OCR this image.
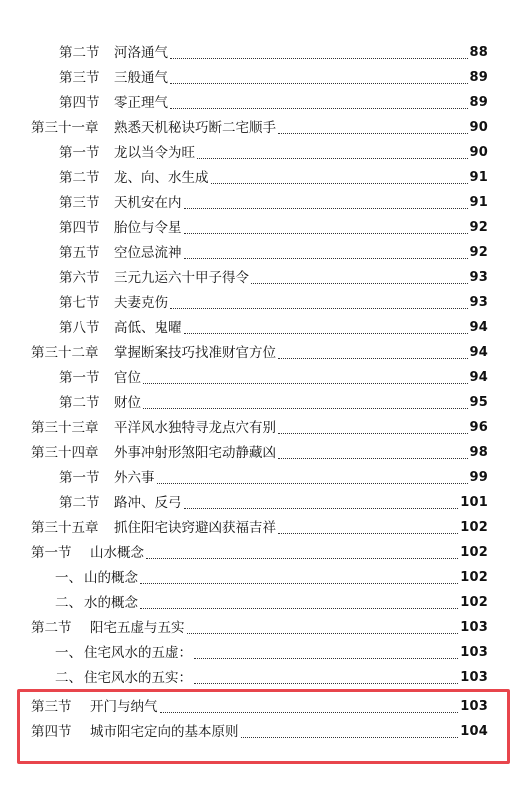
第二节	河洛通气	88
第三节	三般通气	89
第四节	零正理气	89
第三十一章	熟悉天机秘诀巧断二宅顺手	90
第一节	龙以当令为旺	90
第二节	龙、向、水生成	91
第三节	天机安在内	91
第四节	胎位与令星	92
第五节	空位忌流神	92
第六节	三元九运六十甲子得令	93
第七节	夫妻克伤	93
第八节	高低、鬼曜	94
第三十二章	掌握断案技巧找准财官方位	94
第一节	官位	94
第二节	财位	95
第三十三章	平洋风水独特寻龙点穴有别	96
第三十四章	外事冲射形煞阳宅动静藏凶	98
第一节	外六事	99
第二节	路冲、反弓	101
第三十五章	抓住阳宅诀窍避凶获福吉祥	102
第一节	山水概念	102
一、 山的概念	102
二、 水的概念	102
第二节	阳宅五虚与五实	103
一、 住宅风水的五虚：	103
二、 住宅风水的五实：	103
第三节	开门与纳气	103
第四节	城市阳宅定向的基本原则	104
